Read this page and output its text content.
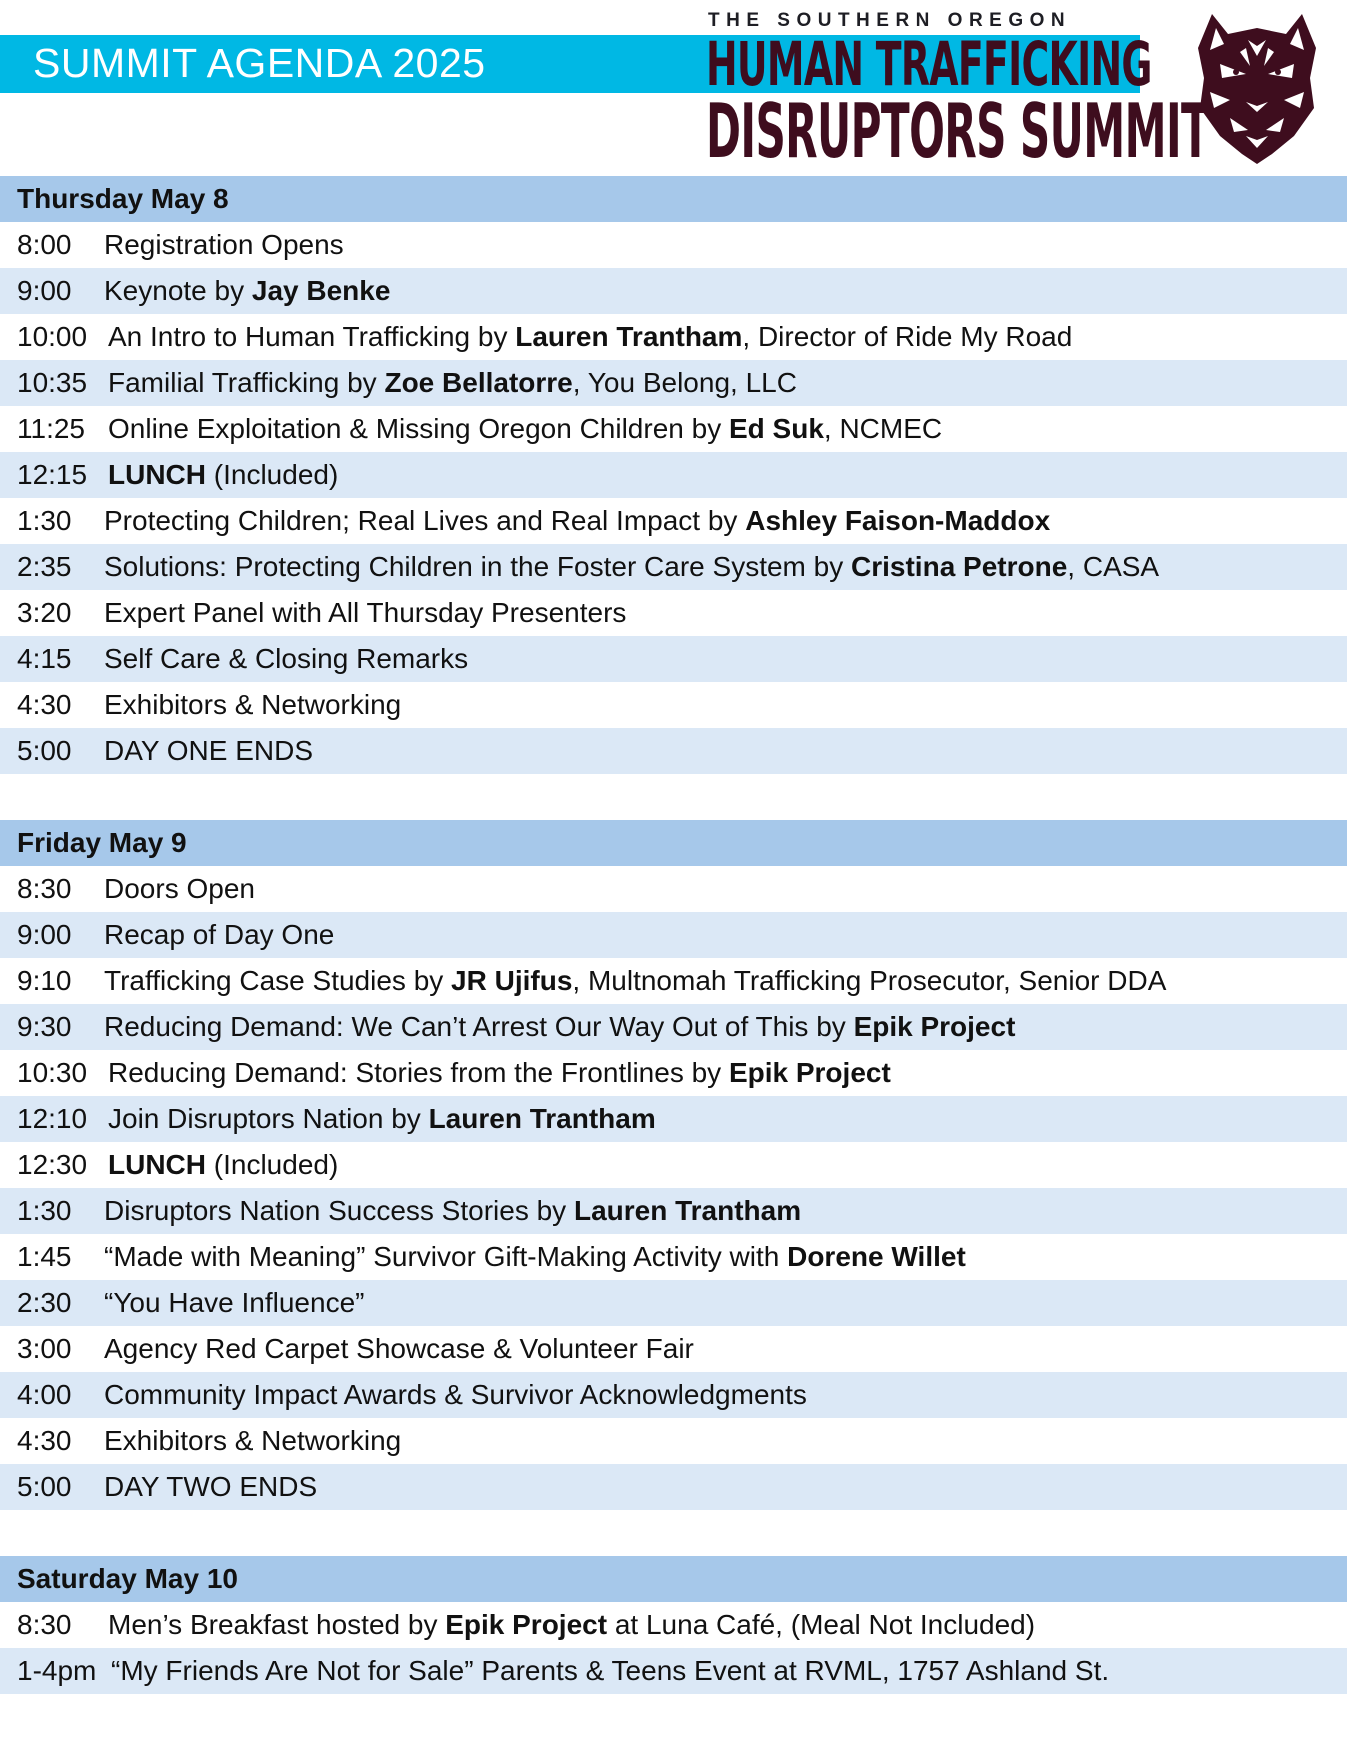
SUMMIT AGENDA 2025
THE SOUTHERN OREGON
HUMAN TRAFFICKING
DISRUPTORS SUMMIT
Thursday May 8
8:00 Registration Opens
9:00 Keynote by Jay Benke
10:00 An Intro to Human Trafficking by Lauren Trantham, Director of Ride My Road
10:35 Familial Trafficking by Zoe Bellatorre, You Belong, LLC
11:25 Online Exploitation & Missing Oregon Children by Ed Suk, NCMEC
12:15 LUNCH (Included)
1:30 Protecting Children; Real Lives and Real Impact by Ashley Faison-Maddox
2:35 Solutions: Protecting Children in the Foster Care System by Cristina Petrone, CASA
3:20 Expert Panel with All Thursday Presenters
4:15 Self Care & Closing Remarks
4:30 Exhibitors & Networking
5:00 DAY ONE ENDS
Friday May 9
8:30 Doors Open
9:00 Recap of Day One
9:10 Trafficking Case Studies by JR Ujifus, Multnomah Trafficking Prosecutor, Senior DDA
9:30 Reducing Demand: We Can’t Arrest Our Way Out of This by Epik Project
10:30 Reducing Demand: Stories from the Frontlines by Epik Project
12:10 Join Disruptors Nation by Lauren Trantham
12:30 LUNCH (Included)
1:30 Disruptors Nation Success Stories by Lauren Trantham
1:45 “Made with Meaning” Survivor Gift-Making Activity with Dorene Willet
2:30 “You Have Influence”
3:00 Agency Red Carpet Showcase & Volunteer Fair
4:00 Community Impact Awards & Survivor Acknowledgments
4:30 Exhibitors & Networking
5:00 DAY TWO ENDS
Saturday May 10
8:30 Men’s Breakfast hosted by Epik Project at Luna Café, (Meal Not Included)
1-4pm “My Friends Are Not for Sale” Parents & Teens Event at RVML, 1757 Ashland St.
